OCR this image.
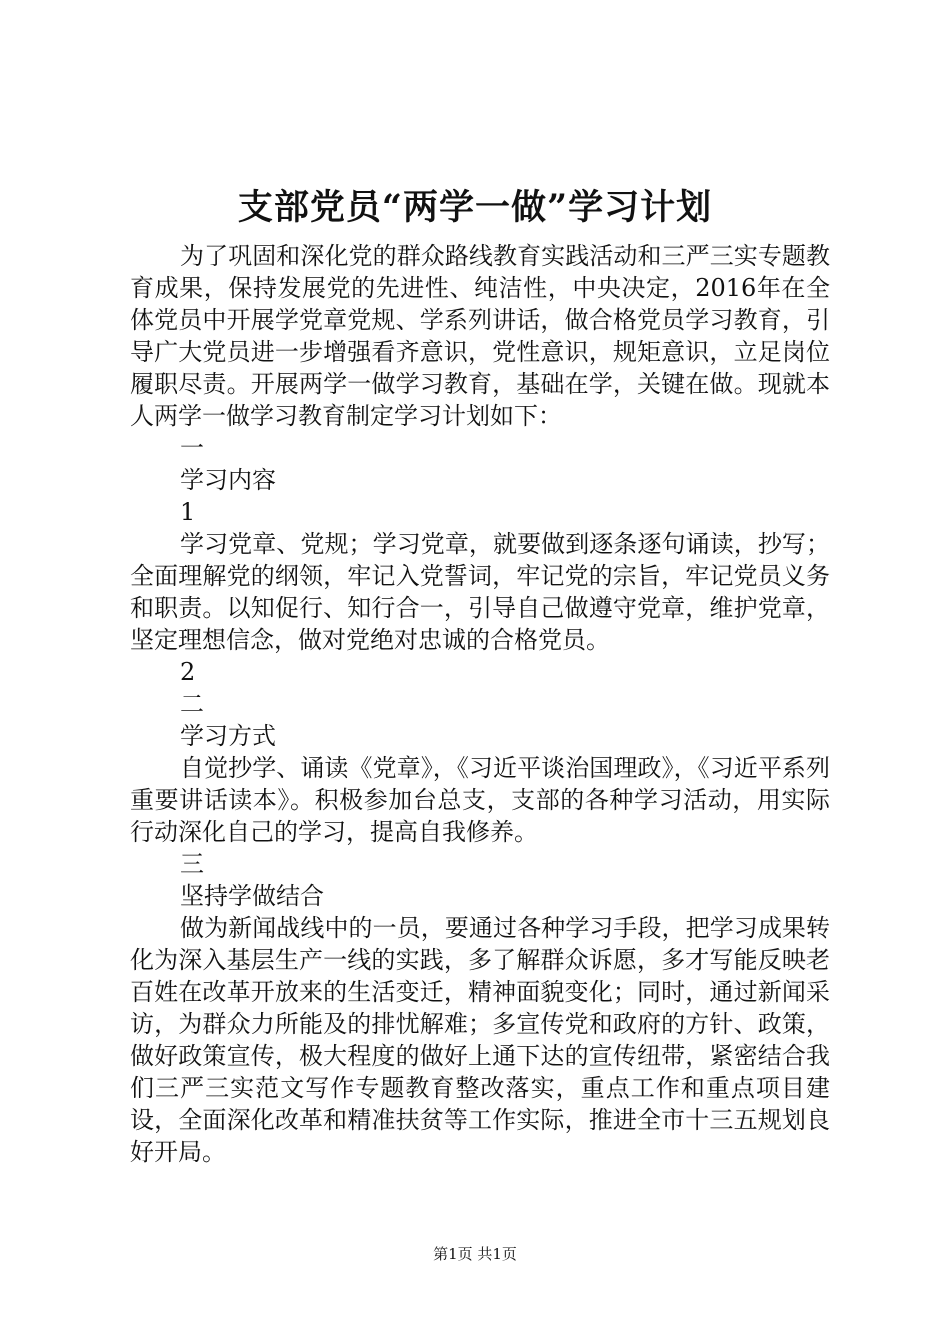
支部党员“两学一做”学习计划

为了巩固和深化党的群众路线教育实践活动和三严三实专题教育成果，保持发展党的先进性、纯洁性，中央决定，2016年在全体党员中开展学党章党规、学系列讲话，做合格党员学习教育，引导广大党员进一步增强看齐意识，党性意识，规矩意识，立足岗位履职尽责。开展两学一做学习教育，基础在学，关键在做。现就本人两学一做学习教育制定学习计划如下：

一
学习内容
1

学习党章、党规；学习党章，就要做到逐条逐句诵读，抄写；全面理解党的纲领，牢记入党誓词，牢记党的宗旨，牢记党员义务和职责。以知促行、知行合一，引导自己做遵守党章，维护党章，坚定理想信念，做对党绝对忠诚的合格党员。

2
二
学习方式

自觉抄学、诵读《党章》，《习近平谈治国理政》，《习近平系列重要讲话读本》。积极参加台总支，支部的各种学习活动，用实际行动深化自己的学习，提高自我修养。

三
坚持学做结合

做为新闻战线中的一员，要通过各种学习手段，把学习成果转化为深入基层生产一线的实践，多了解群众诉愿，多才写能反映老百姓在改革开放来的生活变迁，精神面貌变化；同时，通过新闻采访，为群众力所能及的排忧解难；多宣传党和政府的方针、政策，做好政策宣传，极大程度的做好上通下达的宣传纽带，紧密结合我们三严三实范文写作专题教育整改落实，重点工作和重点项目建设，全面深化改革和精准扶贫等工作实际，推进全市十三五规划良好开局。

第1页 共1页
